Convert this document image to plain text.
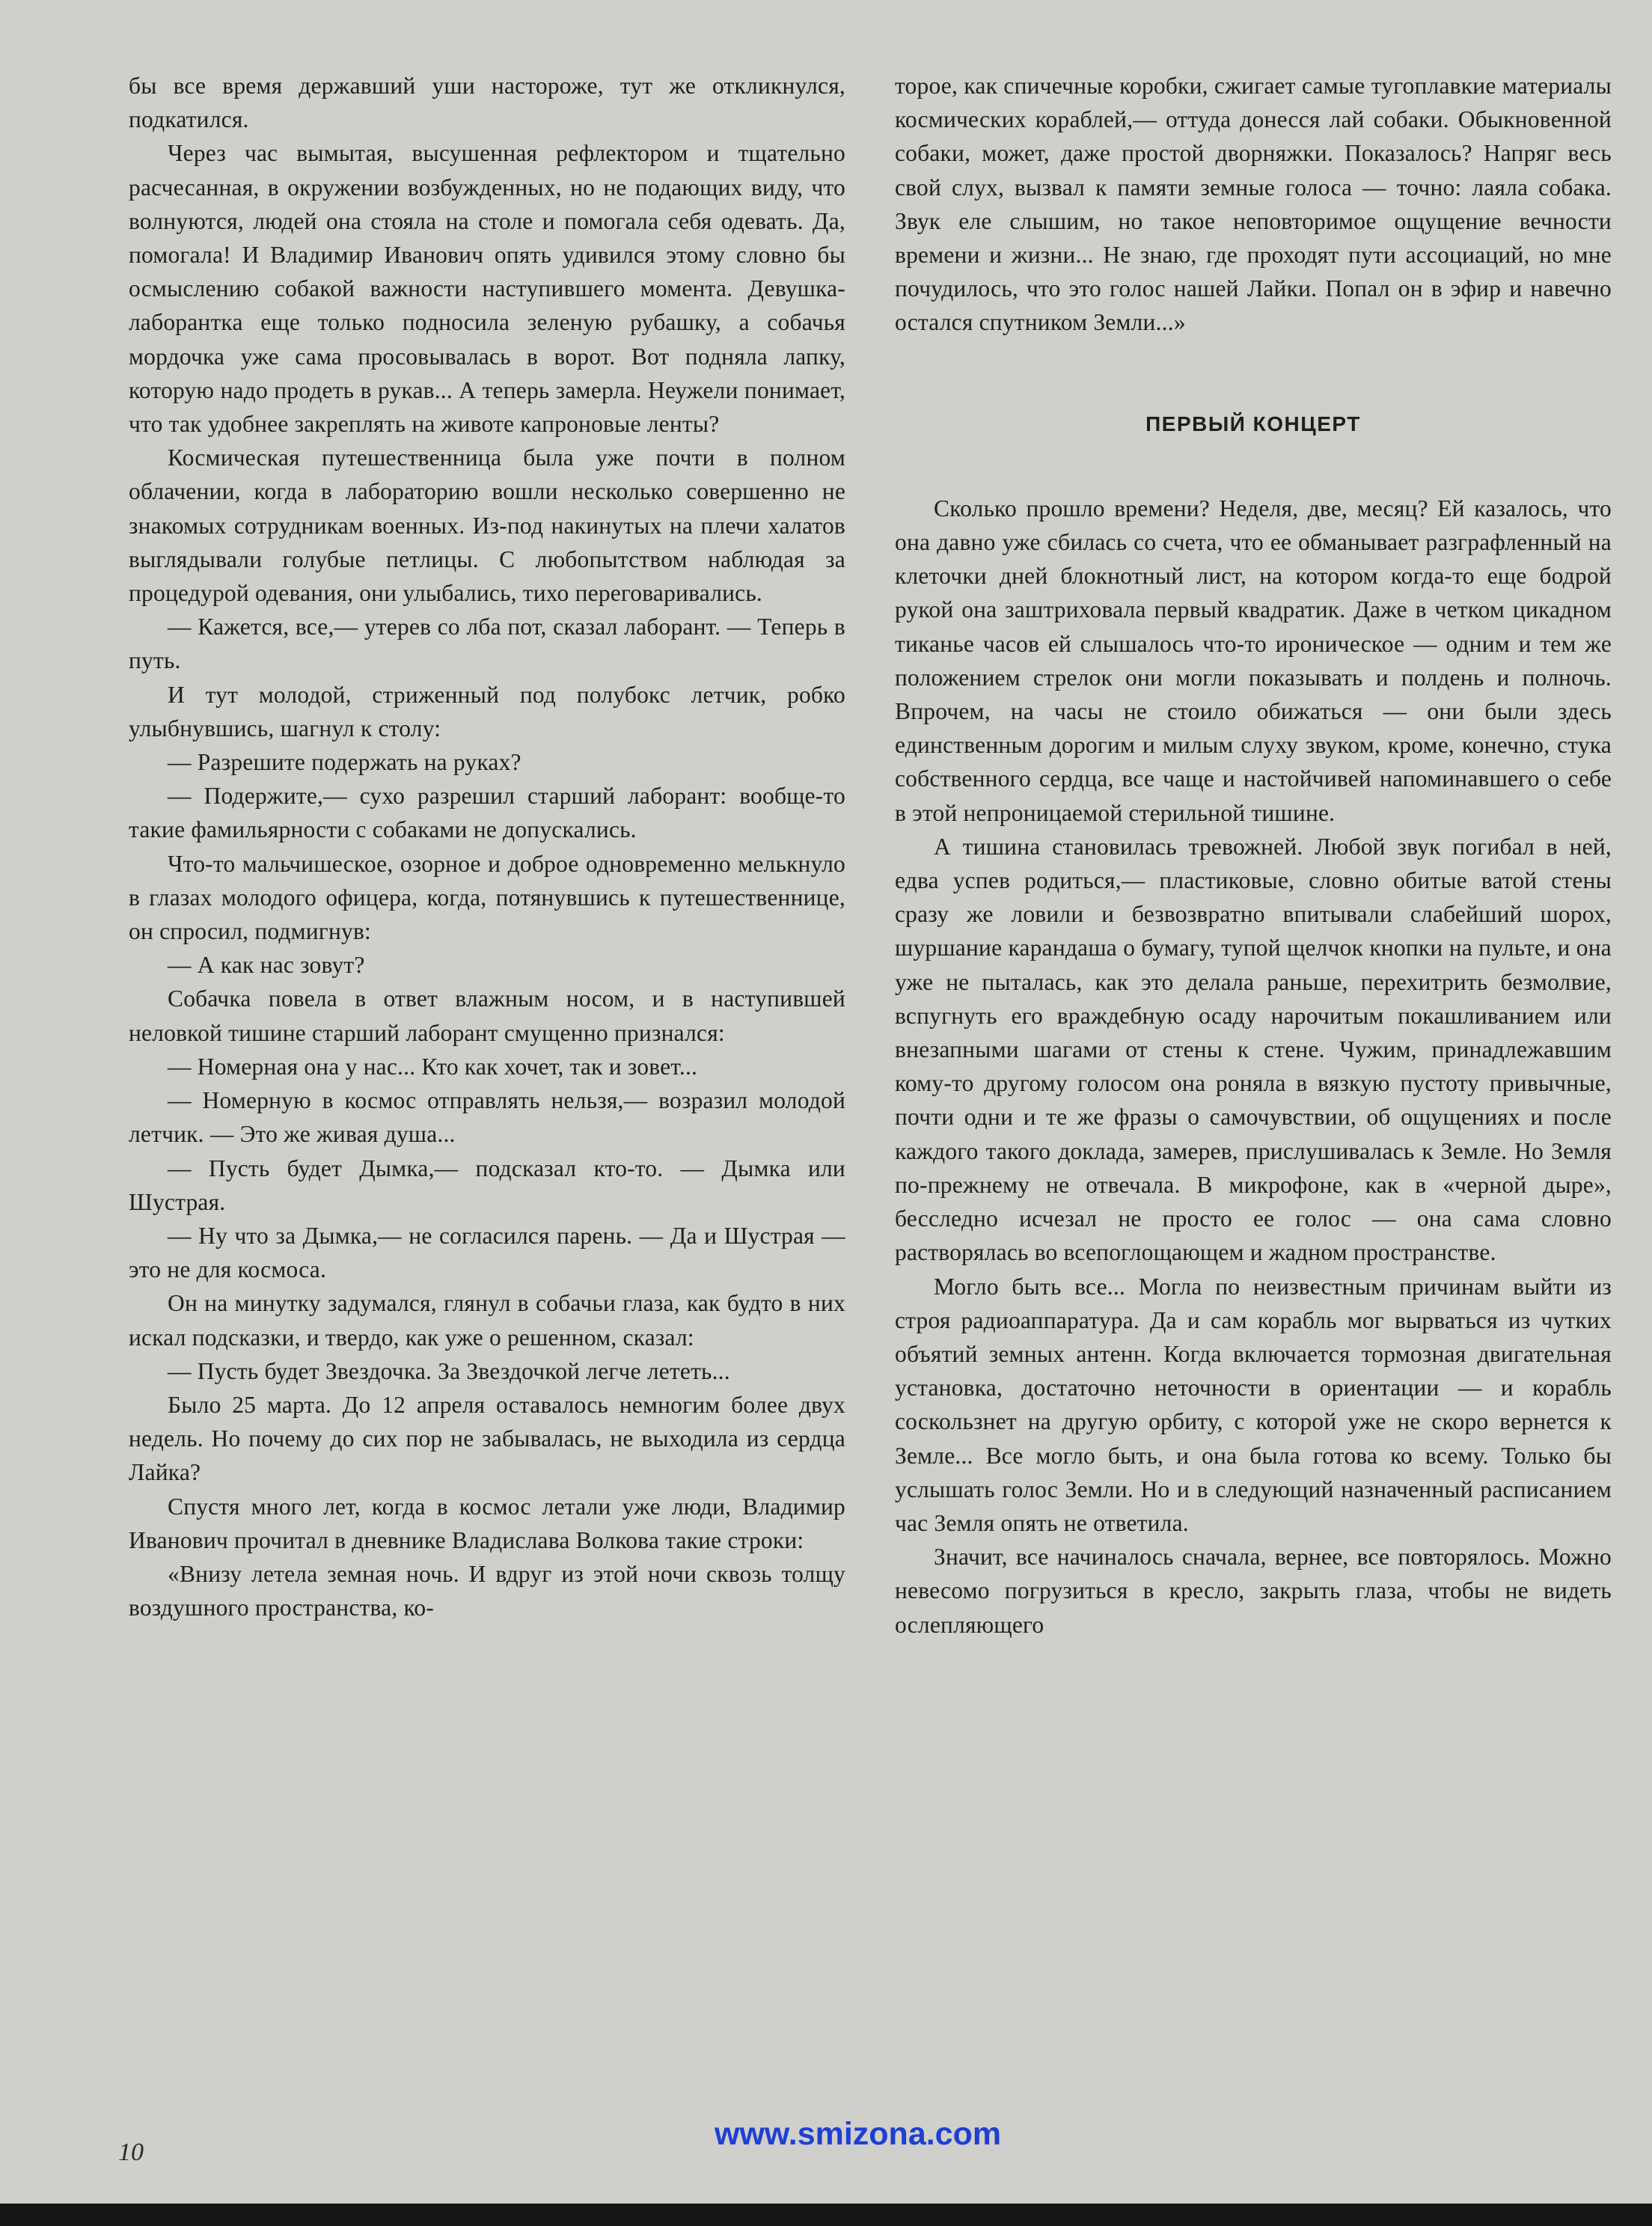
бы все время державший уши настороже, тут же откликнулся, подкатился.

Через час вымытая, высушенная рефлектором и тщательно расчесанная, в окружении возбужденных, но не подающих виду, что волнуются, людей она стояла на столе и помогала себя одевать. Да, помогала! И Владимир Иванович опять удивился этому словно бы осмыслению собакой важности наступившего момента. Девушка-лаборантка еще только подносила зеленую рубашку, а собачья мордочка уже сама просовывалась в ворот. Вот подняла лапку, которую надо продеть в рукав... А теперь замерла. Неужели понимает, что так удобнее закреплять на животе капроновые ленты?

Космическая путешественница была уже почти в полном облачении, когда в лабораторию вошли несколько совершенно не знакомых сотрудникам военных. Из-под накинутых на плечи халатов выглядывали голубые петлицы. С любопытством наблюдая за процедурой одевания, они улыбались, тихо переговаривались.

— Кажется, все,— утерев со лба пот, сказал лаборант. — Теперь в путь.

И тут молодой, стриженный под полубокс летчик, робко улыбнувшись, шагнул к столу:

— Разрешите подержать на руках?

— Подержите,— сухо разрешил старший лаборант: вообще-то такие фамильярности с собаками не допускались.

Что-то мальчишеское, озорное и доброе одновременно мелькнуло в глазах молодого офицера, когда, потянувшись к путешественнице, он спросил, подмигнув:

— А как нас зовут?

Собачка повела в ответ влажным носом, и в наступившей неловкой тишине старший лаборант смущенно признался:

— Номерная она у нас... Кто как хочет, так и зовет...

— Номерную в космос отправлять нельзя,— возразил молодой летчик. — Это же живая душа...

— Пусть будет Дымка,— подсказал кто-то. — Дымка или Шустрая.

— Ну что за Дымка,— не согласился парень. — Да и Шустрая — это не для космоса.

Он на минутку задумался, глянул в собачьи глаза, как будто в них искал подсказки, и твердо, как уже о решенном, сказал:

— Пусть будет Звездочка. За Звездочкой легче лететь...

Было 25 марта. До 12 апреля оставалось немногим более двух недель. Но почему до сих пор не забывалась, не выходила из сердца Лайка?

Спустя много лет, когда в космос летали уже люди, Владимир Иванович прочитал в дневнике Владислава Волкова такие строки:

«Внизу летела земная ночь. И вдруг из этой ночи сквозь толщу воздушного пространства, ко-

торое, как спичечные коробки, сжигает самые тугоплавкие материалы космических кораблей,— оттуда донесся лай собаки. Обыкновенной собаки, может, даже простой дворняжки. Показалось? Напряг весь свой слух, вызвал к памяти земные голоса — точно: лаяла собака. Звук еле слышим, но такое неповторимое ощущение вечности времени и жизни... Не знаю, где проходят пути ассоциаций, но мне почудилось, что это голос нашей Лайки. Попал он в эфир и навечно остался спутником Земли...»

ПЕРВЫЙ КОНЦЕРТ

Сколько прошло времени? Неделя, две, месяц? Ей казалось, что она давно уже сбилась со счета, что ее обманывает разграфленный на клеточки дней блокнотный лист, на котором когда-то еще бодрой рукой она заштриховала первый квадратик. Даже в четком цикадном тиканье часов ей слышалось что-то ироническое — одним и тем же положением стрелок они могли показывать и полдень и полночь. Впрочем, на часы не стоило обижаться — они были здесь единственным дорогим и милым слуху звуком, кроме, конечно, стука собственного сердца, все чаще и настойчивей напоминавшего о себе в этой непроницаемой стерильной тишине.

А тишина становилась тревожней. Любой звук погибал в ней, едва успев родиться,— пластиковые, словно обитые ватой стены сразу же ловили и безвозвратно впитывали слабейший шорох, шуршание карандаша о бумагу, тупой щелчок кнопки на пульте, и она уже не пыталась, как это делала раньше, перехитрить безмолвие, вспугнуть его враждебную осаду нарочитым покашливанием или внезапными шагами от стены к стене. Чужим, принадлежавшим кому-то другому голосом она роняла в вязкую пустоту привычные, почти одни и те же фразы о самочувствии, об ощущениях и после каждого такого доклада, замерев, прислушивалась к Земле. Но Земля по-прежнему не отвечала. В микрофоне, как в «черной дыре», бесследно исчезал не просто ее голос — она сама словно растворялась во всепоглощающем и жадном пространстве.

Могло быть все... Могла по неизвестным причинам выйти из строя радиоаппаратура. Да и сам корабль мог вырваться из чутких объятий земных антенн. Когда включается тормозная двигательная установка, достаточно неточности в ориентации — и корабль соскользнет на другую орбиту, с которой уже не скоро вернется к Земле... Все могло быть, и она была готова ко всему. Только бы услышать голос Земли. Но и в следующий назначенный расписанием час Земля опять не ответила.

Значит, все начиналось сначала, вернее, все повторялось. Можно невесомо погрузиться в кресло, закрыть глаза, чтобы не видеть ослепляющего

10
www.smizona.com
